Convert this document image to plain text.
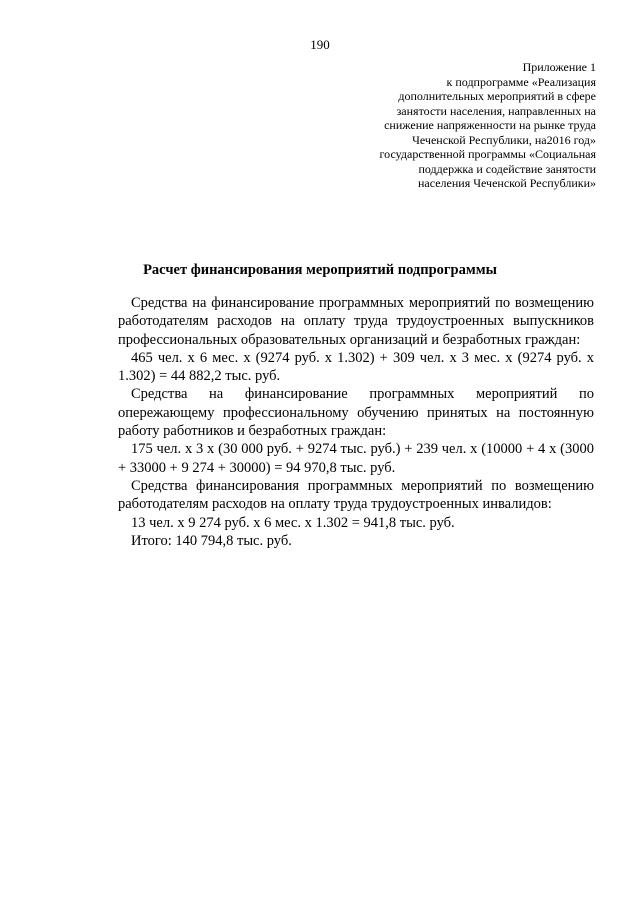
190
Приложение 1
к подпрограмме «Реализация
дополнительных мероприятий в сфере
занятости населения, направленных на
снижение напряженности на рынке труда
Чеченской Республики, на2016 год»
государственной программы «Социальная
поддержка и содействие занятости
населения Чеченской Республики»
Расчет финансирования мероприятий подпрограммы

Средства на финансирование программных мероприятий по возмещению работодателям расходов на оплату труда трудоустроенных выпускников профессиональных образовательных организаций и безработных граждан:

465 чел. х 6 мес. х (9274 руб. х 1.302) + 309 чел. х 3 мес. х (9274 руб. х 1.302) = 44 882,2 тыс. руб.

Средства на финансирование программных мероприятий по опережающему профессиональному обучению принятых на постоянную работу работников и безработных граждан:

175 чел. х 3 х (30 000 руб. + 9274 тыс. руб.) + 239 чел. х (10000 + 4 х (3000 + 33000 + 9 274 + 30000) = 94 970,8 тыс. руб.

Средства финансирования программных мероприятий по возмещению работодателям расходов на оплату труда трудоустроенных инвалидов:

13 чел. х 9 274 руб. х 6 мес. х 1.302 = 941,8 тыс. руб.

Итого: 140 794,8 тыс. руб.
